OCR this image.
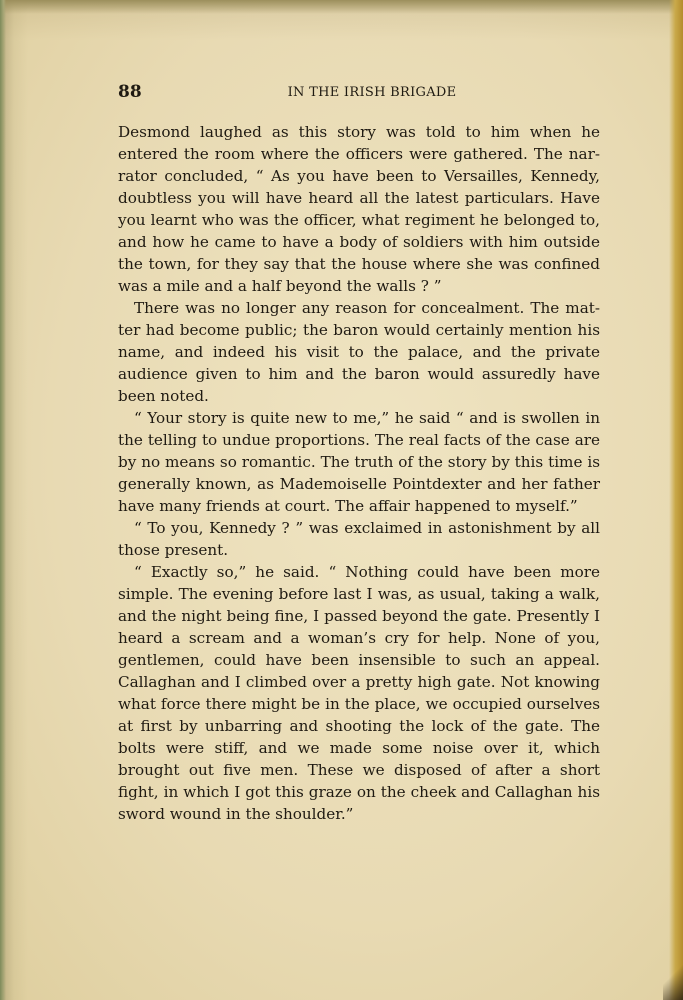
88	IN THE IRISH BRIGADE

Desmond laughed as this story was told to him when he entered the room where the officers were gathered. The narrator concluded, “ As you have been to Versailles, Kennedy, doubtless you will have heard all the latest particulars. Have you learnt who was the officer, what regiment he belonged to, and how he came to have a body of soldiers with him outside the town, for they say that the house where she was confined was a mile and a half beyond the walls ? ”

There was no longer any reason for concealment. The matter had become public; the baron would certainly mention his name, and indeed his visit to the palace, and the private audience given to him and the baron would assuredly have been noted.

“ Your story is quite new to me,” he said “ and is swollen in the telling to undue proportions. The real facts of the case are by no means so romantic. The truth of the story by this time is generally known, as Mademoiselle Pointdexter and her father have many friends at court. The affair happened to myself.”

“ To you, Kennedy ? ” was exclaimed in astonishment by all those present.

“ Exactly so,” he said. “ Nothing could have been more simple. The evening before last I was, as usual, taking a walk, and the night being fine, I passed beyond the gate. Presently I heard a scream and a woman’s cry for help. None of you, gentlemen, could have been insensible to such an appeal. Callaghan and I climbed over a pretty high gate. Not knowing what force there might be in the place, we occupied ourselves at first by unbarring and shooting the lock of the gate. The bolts were stiff, and we made some noise over it, which brought out five men. These we disposed of after a short fight, in which I got this graze on the cheek and Callaghan his sword wound in the shoulder.”
